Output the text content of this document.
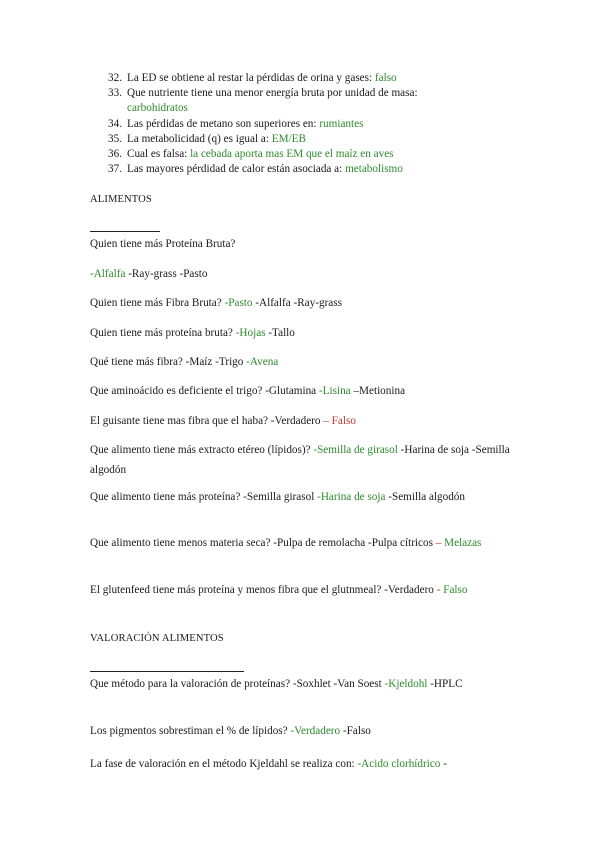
32. La ED se obtiene al restar la pérdidas de orina y gases: falso
33. Que nutriente tiene una menor energía bruta por unidad de masa:
carbohidratos
34. Las pérdidas de metano son superiores en: rumiantes
35. La metabolicidad (q) es igual a: EM/EB
36. Cual es falsa: la cebada aporta mas EM que el maíz en aves
37. Las mayores pérdidad de calor están asociada a: metabolismo
ALIMENTOS
Quien tiene más Proteína Bruta?
-Alfalfa -Ray-grass -Pasto
Quien tiene más Fibra Bruta? -Pasto -Alfalfa -Ray-grass
Quien tiene más proteína bruta? -Hojas -Tallo
Qué tiene más fibra? -Maíz -Trigo -Avena
Que aminoácido es deficiente el trigo? -Glutamina -Lisina –Metionina
El guisante tiene mas fibra que el haba? -Verdadero – Falso
Que alimento tiene más extracto etéreo (lípidos)? -Semilla de girasol -Harina de soja -Semilla algodón
Que alimento tiene más proteína? -Semilla girasol -Harina de soja -Semilla algodón
Que alimento tiene menos materia seca? -Pulpa de remolacha -Pulpa cítricos – Melazas
El glutenfeed tiene más proteína y menos fibra que el glutnmeal? -Verdadero - Falso
VALORACIÓN ALIMENTOS
Que método para la valoración de proteínas? -Soxhlet -Van Soest -Kjeldohl -HPLC
Los pigmentos sobrestiman el % de lípidos? -Verdadero -Falso
La fase de valoración en el método Kjeldahl se realiza con: -Acido clorhídrico -
